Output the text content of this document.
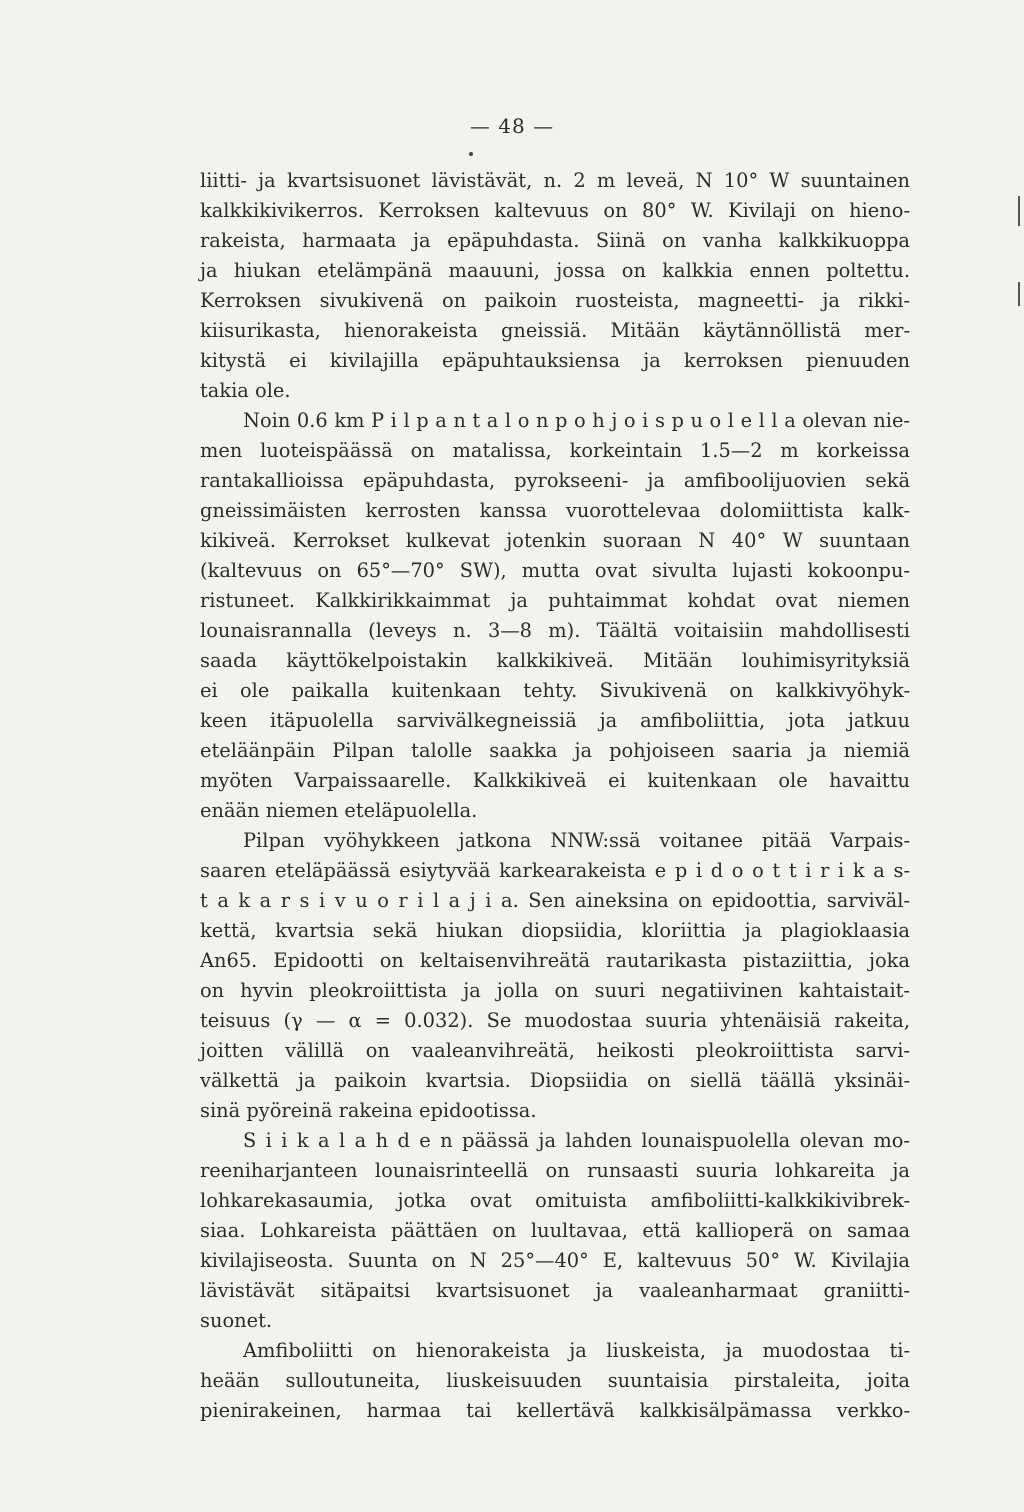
— 48 —
liitti- ja kvartsisuonet lävistävät, n. 2 m leveä, N 10° W suuntainen
kalkkikivikerros. Kerroksen kaltevuus on 80° W. Kivilaji on hieno-
rakeista, harmaata ja epäpuhdasta. Siinä on vanha kalkkikuoppa
ja hiukan etelämpänä maauuni, jossa on kalkkia ennen poltettu.
Kerroksen sivukivenä on paikoin ruosteista, magneetti- ja rikki-
kiisurikasta, hienorakeista gneissiä. Mitään käytännöllistä mer-
kitystä ei kivilajilla epäpuhtauksiensa ja kerroksen pienuuden
takia ole.
Noin 0.6 km P i l p a n t a l o n p o h j o i s p u o l e l l a olevan nie-
men luoteispäässä on matalissa, korkeintain 1.5—2 m korkeissa
rantakallioissa epäpuhdasta, pyrokseeni- ja amfiboolijuovien sekä
gneissimäisten kerrosten kanssa vuorottelevaa dolomiittista kalk-
kikiveä. Kerrokset kulkevat jotenkin suoraan N 40° W suuntaan
(kaltevuus on 65°—70° SW), mutta ovat sivulta lujasti kokoonpu-
ristuneet. Kalkkirikkaimmat ja puhtaimmat kohdat ovat niemen
lounaisrannalla (leveys n. 3—8 m). Täältä voitaisiin mahdollisesti
saada käyttökelpoistakin kalkkikiveä. Mitään louhimisyrityksiä
ei ole paikalla kuitenkaan tehty. Sivukivenä on kalkkivyöhyk-
keen itäpuolella sarvivälkegneissiä ja amfiboliittia, jota jatkuu
eteläänpäin Pilpan talolle saakka ja pohjoiseen saaria ja niemiä
myöten Varpaissaarelle. Kalkkikiveä ei kuitenkaan ole havaittu
enään niemen eteläpuolella.
Pilpan vyöhykkeen jatkona NNW:ssä voitanee pitää Varpais-
saaren eteläpäässä esiytyvää karkearakeista e p i d o o t t i r i k a s-
t a k a r s i v u o r i l a j i a. Sen aineksina on epidoottia, sarviväl-
kettä, kvartsia sekä hiukan diopsiidia, kloriittia ja plagioklaasia
An65. Epidootti on keltaisenvihreätä rautarikasta pistaziittia, joka
on hyvin pleokroiittista ja jolla on suuri negatiivinen kahtaistait-
teisuus (γ — α = 0.032). Se muodostaa suuria yhtenäisiä rakeita,
joitten välillä on vaaleanvihreätä, heikosti pleokroiittista sarvi-
välkettä ja paikoin kvartsia. Diopsiidia on siellä täällä yksinäi-
sinä pyöreinä rakeina epidootissa.
S i i k a l a h d e n päässä ja lahden lounaispuolella olevan mo-
reeniharjanteen lounaisrinteellä on runsaasti suuria lohkareita ja
lohkarekasaumia, jotka ovat omituista amfiboliitti-kalkkikivibrek-
siaa. Lohkareista päättäen on luultavaa, että kallioperä on samaa
kivilajiseosta. Suunta on N 25°—40° E, kaltevuus 50° W. Kivilajia
lävistävät sitäpaitsi kvartsisuonet ja vaaleanharmaat graniitti-
suonet.
Amfiboliitti on hienorakeista ja liuskeista, ja muodostaa ti-
heään sulloutuneita, liuskeisuuden suuntaisia pirstaleita, joita
pienirakeinen, harmaa tai kellertävä kalkkisälpämassa verkko-
